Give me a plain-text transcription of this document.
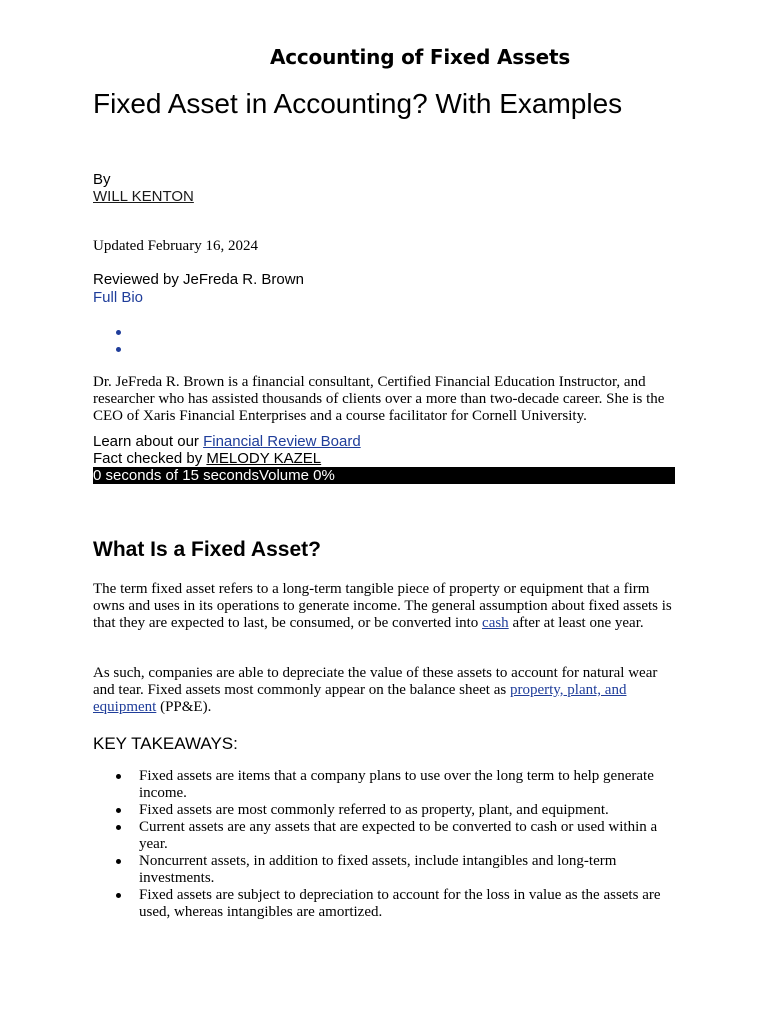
Accounting of Fixed Assets
Fixed Asset in Accounting? With Examples
By
WILL KENTON
Updated February 16, 2024
Reviewed by JeFreda R. Brown
Full Bio

Dr. JeFreda R. Brown is a financial consultant, Certified Financial Education Instructor, and researcher who has assisted thousands of clients over a more than two-decade career. She is the CEO of Xaris Financial Enterprises and a course facilitator for Cornell University.

Learn about our Financial Review Board
Fact checked by MELODY KAZEL
0 seconds of 15 secondsVolume 0%
What Is a Fixed Asset?

The term fixed asset refers to a long-term tangible piece of property or equipment that a firm owns and uses in its operations to generate income. The general assumption about fixed assets is that they are expected to last, be consumed, or be converted into cash after at least one year.

As such, companies are able to depreciate the value of these assets to account for natural wear and tear. Fixed assets most commonly appear on the balance sheet as property, plant, and equipment (PP&E).

KEY TAKEAWAYS:
Fixed assets are items that a company plans to use over the long term to help generate income.
Fixed assets are most commonly referred to as property, plant, and equipment.
Current assets are any assets that are expected to be converted to cash or used within a year.
Noncurrent assets, in addition to fixed assets, include intangibles and long-term investments.
Fixed assets are subject to depreciation to account for the loss in value as the assets are used, whereas intangibles are amortized.
